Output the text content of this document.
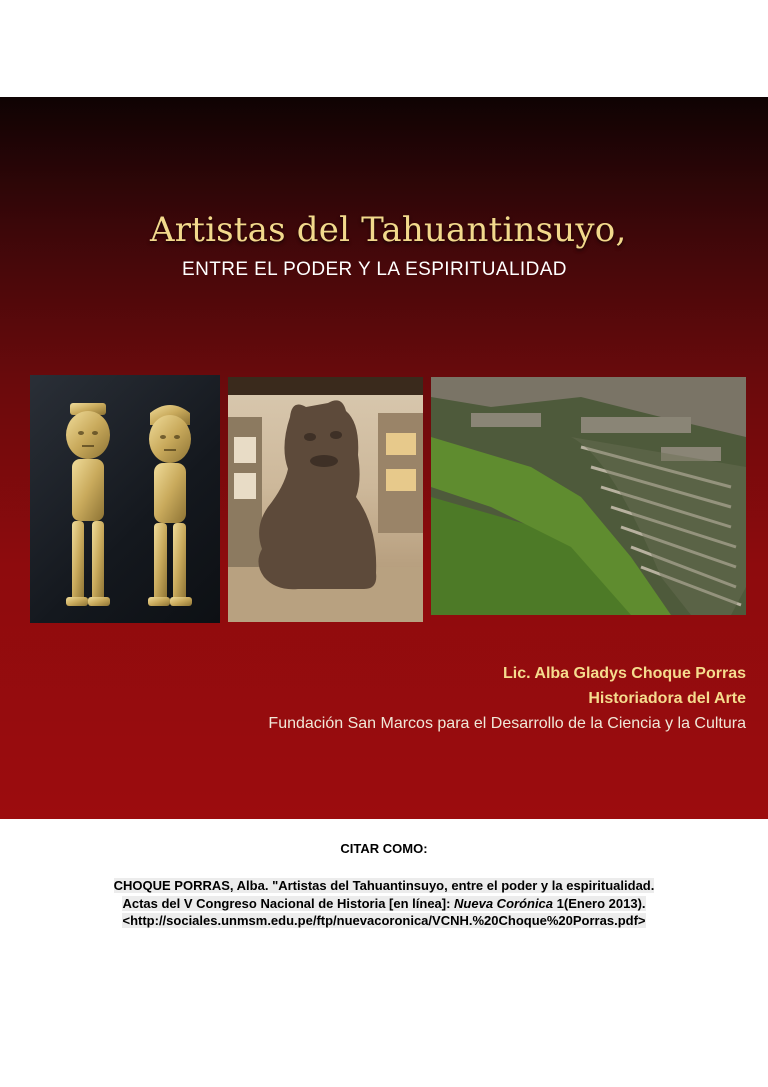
Artistas del Tahuantinsuyo,
ENTRE EL PODER Y LA ESPIRITUALIDAD
Lic. Alba Gladys Choque Porras
Historiadora del Arte
Fundación San Marcos para el Desarrollo de la Ciencia y la Cultura
CITAR COMO:
CHOQUE PORRAS, Alba. "Artistas del Tahuantinsuyo, entre el poder y la espiritualidad.
Actas del V Congreso Nacional de Historia [en línea]: Nueva Corónica 1(Enero 2013).
<http://sociales.unmsm.edu.pe/ftp/nuevacoronica/VCNH.%20Choque%20Porras.pdf>
